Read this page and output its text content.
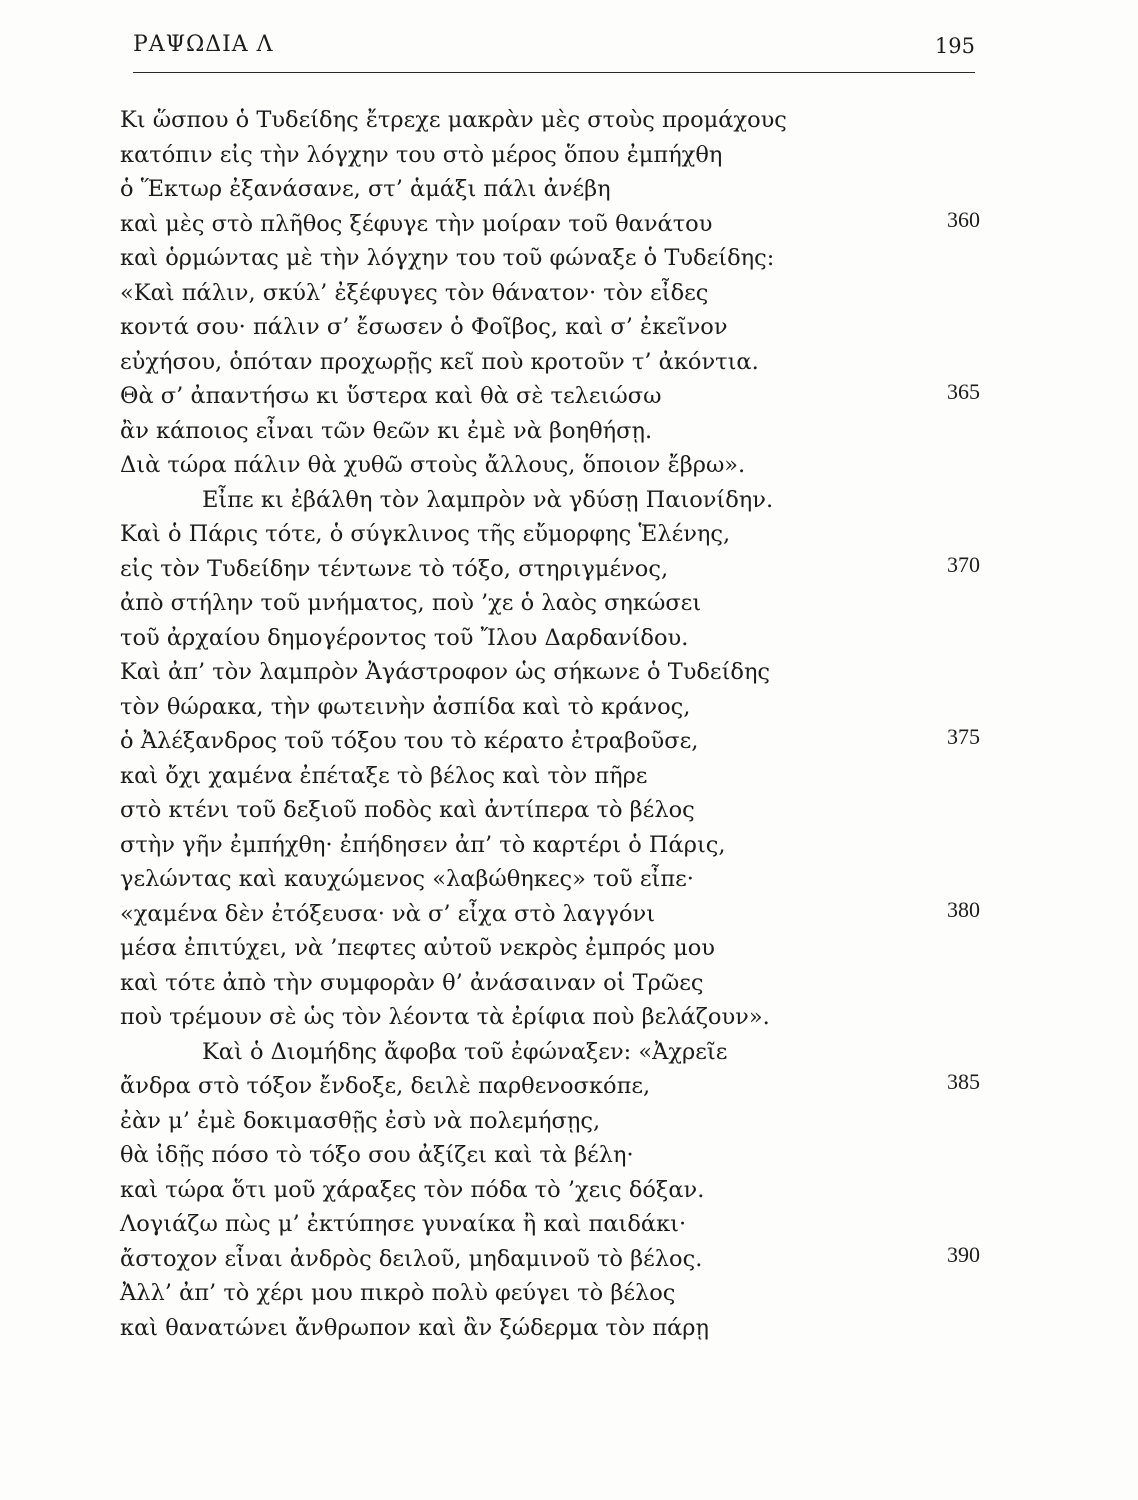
ΡΑΨΩΔΙΑ Λ	195
Κι ὥσπου ὁ Τυδείδης ἔτρεχε μακρὰν μὲς στοὺς προμάχους
κατόπιν εἰς τὴν λόγχην του στὸ μέρος ὅπου ἐμπήχθη
ὁ Ἕκτωρ ἐξανάσανε, στ’ ἁμάξι πάλι ἀνέβη
καὶ μὲς στὸ πλῆθος ξέφυγε τὴν μοίραν τοῦ θανάτου	360
καὶ ὁρμώντας μὲ τὴν λόγχην του τοῦ φώναξε ὁ Τυδείδης:
«Καὶ πάλιν, σκύλ’ ἐξέφυγες τὸν θάνατον· τὸν εἶδες
κοντά σου· πάλιν σ’ ἔσωσεν ὁ Φοῖβος, καὶ σ’ ἐκεῖνον
εὐχήσου, ὁπόταν προχωρῇς κεῖ ποὺ κροτοῦν τ’ ἀκόντια.
Θὰ σ’ ἀπαντήσω κι ὕστερα καὶ θὰ σὲ τελειώσω	365
ἂν κάποιος εἶναι τῶν θεῶν κι ἐμὲ νὰ βοηθήσῃ.
Διὰ τώρα πάλιν θὰ χυθῶ στοὺς ἄλλους, ὅποιον ἔβρω».
Εἶπε κι ἐβάλθη τὸν λαμπρὸν νὰ γδύσῃ Παιονίδην.
Καὶ ὁ Πάρις τότε, ὁ σύγκλινος τῆς εὔμορφης Ἑλένης,
εἰς τὸν Τυδείδην τέντωνε τὸ τόξο, στηριγμένος,	370
ἀπὸ στήλην τοῦ μνήματος, ποὺ ’χε ὁ λαὸς σηκώσει
τοῦ ἀρχαίου δημογέροντος τοῦ Ἴλου Δαρδανίδου.
Καὶ ἀπ’ τὸν λαμπρὸν Ἀγάστροφον ὡς σήκωνε ὁ Τυδείδης
τὸν θώρακα, τὴν φωτεινὴν ἀσπίδα καὶ τὸ κράνος,
ὁ Ἀλέξανδρος τοῦ τόξου του τὸ κέρατο ἐτραβοῦσε,	375
καὶ ὄχι χαμένα ἐπέταξε τὸ βέλος καὶ τὸν πῆρε
στὸ κτένι τοῦ δεξιοῦ ποδὸς καὶ ἀντίπερα τὸ βέλος
στὴν γῆν ἐμπήχθη· ἐπήδησεν ἀπ’ τὸ καρτέρι ὁ Πάρις,
γελώντας καὶ καυχώμενος «λαβώθηκες» τοῦ εἶπε·
«χαμένα δὲν ἐτόξευσα· νὰ σ’ εἶχα στὸ λαγγόνι	380
μέσα ἐπιτύχει, νὰ ’πεφτες αὐτοῦ νεκρὸς ἐμπρός μου
καὶ τότε ἀπὸ τὴν συμφορὰν θ’ ἀνάσαιναν οἱ Τρῶες
ποὺ τρέμουν σὲ ὡς τὸν λέοντα τὰ ἐρίφια ποὺ βελάζουν».
Καὶ ὁ Διομήδης ἄφοβα τοῦ ἐφώναξεν: «Ἀχρεῖε
ἄνδρα στὸ τόξον ἔνδοξε, δειλὲ παρθενοσκόπε,	385
ἐὰν μ’ ἐμὲ δοκιμασθῇς ἐσὺ νὰ πολεμήσῃς,
θὰ ἰδῇς πόσο τὸ τόξο σου ἀξίζει καὶ τὰ βέλη·
καὶ τώρα ὅτι μοῦ χάραξες τὸν πόδα τὸ ’χεις δόξαν.
Λογιάζω πὼς μ’ ἐκτύπησε γυναίκα ἢ καὶ παιδάκι·
ἄστοχον εἶναι ἀνδρὸς δειλοῦ, μηδαμινοῦ τὸ βέλος.	390
Ἀλλ’ ἀπ’ τὸ χέρι μου πικρὸ πολὺ φεύγει τὸ βέλος
καὶ θανατώνει ἄνθρωπον καὶ ἂν ξώδερμα τὸν πάρῃ
